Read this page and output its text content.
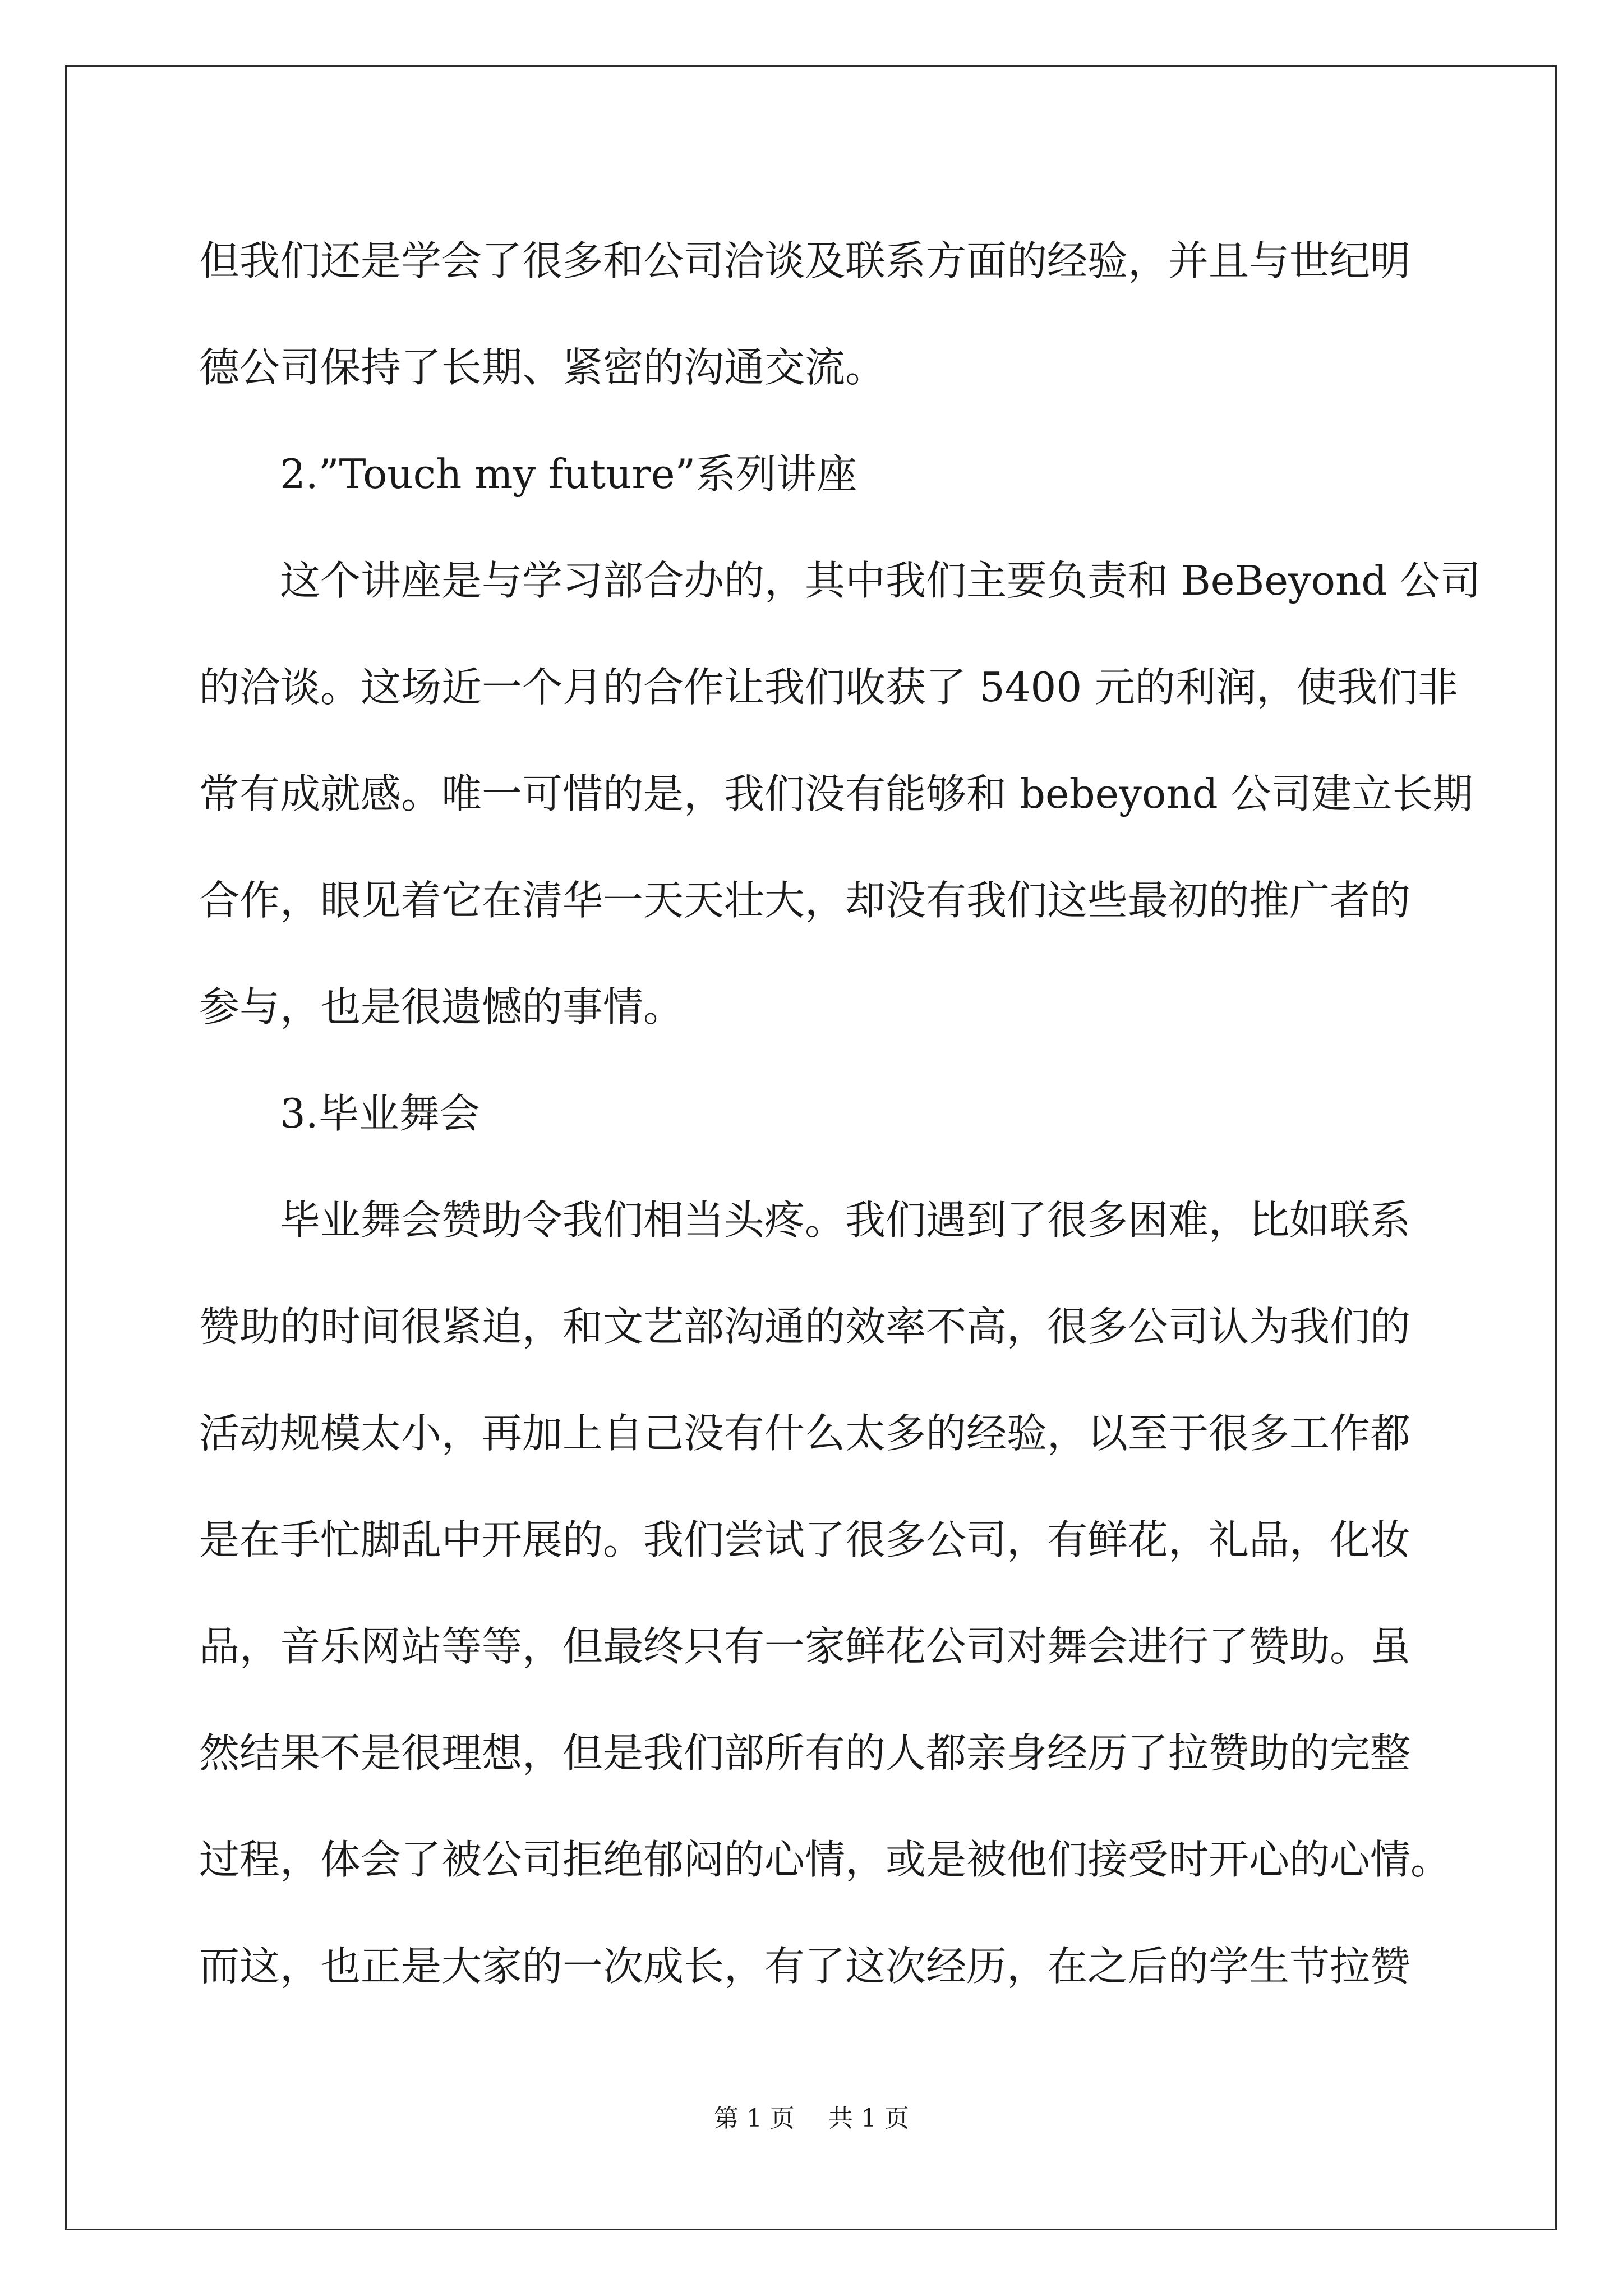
但我们还是学会了很多和公司洽谈及联系方面的经验，并且与世纪明
德公司保持了长期、紧密的沟通交流。
2.”Touch my future”系列讲座
这个讲座是与学习部合办的，其中我们主要负责和 BeBeyond 公司
的洽谈。这场近一个月的合作让我们收获了 5400 元的利润，使我们非
常有成就感。唯一可惜的是，我们没有能够和 bebeyond 公司建立长期
合作，眼见着它在清华一天天壮大，却没有我们这些最初的推广者的
参与，也是很遗憾的事情。
3.毕业舞会
毕业舞会赞助令我们相当头疼。我们遇到了很多困难，比如联系
赞助的时间很紧迫，和文艺部沟通的效率不高，很多公司认为我们的
活动规模太小，再加上自己没有什么太多的经验，以至于很多工作都
是在手忙脚乱中开展的。我们尝试了很多公司，有鲜花，礼品，化妆
品，音乐网站等等，但最终只有一家鲜花公司对舞会进行了赞助。虽
然结果不是很理想，但是我们部所有的人都亲身经历了拉赞助的完整
过程，体会了被公司拒绝郁闷的心情，或是被他们接受时开心的心情。
而这，也正是大家的一次成长，有了这次经历，在之后的学生节拉赞
第 1 页 共 1 页
